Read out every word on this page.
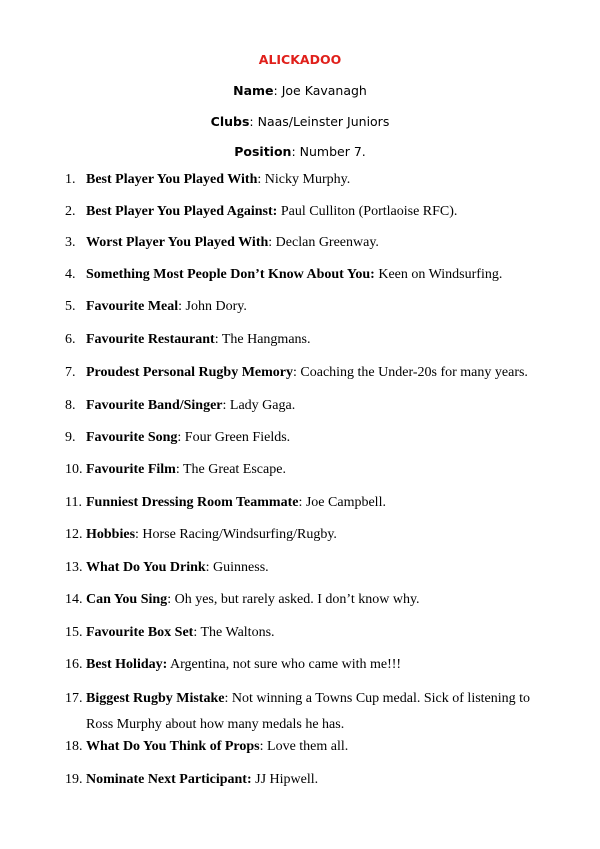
ALICKADOO
Name: Joe Kavanagh
Clubs: Naas/Leinster Juniors
Position: Number 7.
1. Best Player You Played With: Nicky Murphy.
2. Best Player You Played Against: Paul Culliton (Portlaoise RFC).
3. Worst Player You Played With: Declan Greenway.
4. Something Most People Don’t Know About You: Keen on Windsurfing.
5. Favourite Meal: John Dory.
6. Favourite Restaurant: The Hangmans.
7. Proudest Personal Rugby Memory: Coaching the Under-20s for many years.
8. Favourite Band/Singer: Lady Gaga.
9. Favourite Song: Four Green Fields.
10. Favourite Film: The Great Escape.
11. Funniest Dressing Room Teammate: Joe Campbell.
12. Hobbies: Horse Racing/Windsurfing/Rugby.
13. What Do You Drink: Guinness.
14. Can You Sing: Oh yes, but rarely asked. I don’t know why.
15. Favourite Box Set: The Waltons.
16. Best Holiday: Argentina, not sure who came with me!!!
17. Biggest Rugby Mistake: Not winning a Towns Cup medal. Sick of listening to Ross Murphy about how many medals he has.
18. What Do You Think of Props: Love them all.
19. Nominate Next Participant: JJ Hipwell.
